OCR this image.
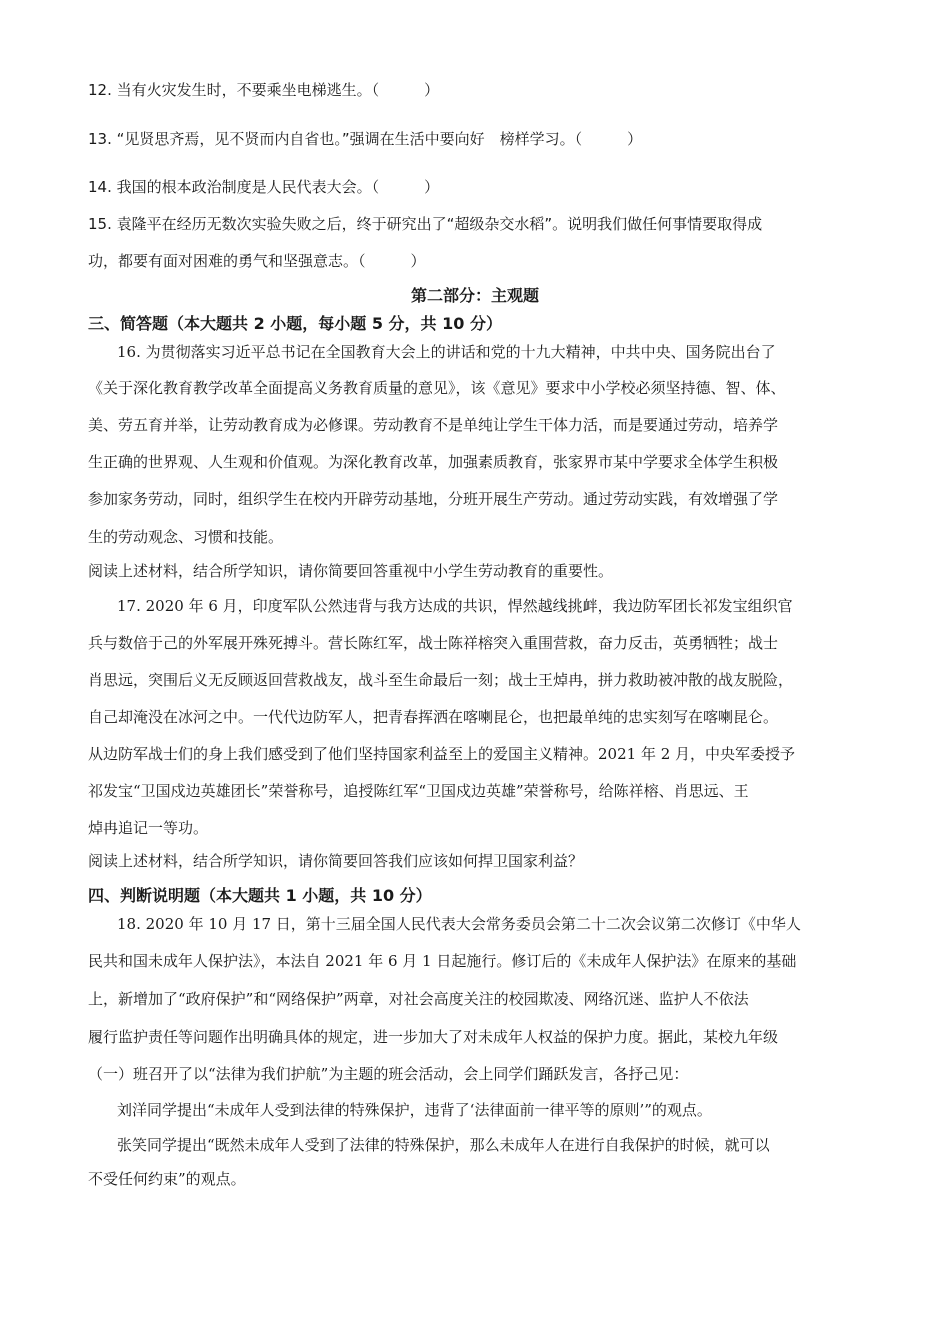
12. 当有火灾发生时，不要乘坐电梯逃生。（　　　）
13. “见贤思齐焉，见不贤而内自省也。”强调在生活中要向好　榜样学习。（　　　）
14. 我国的根本政治制度是人民代表大会。（　　　）
15. 袁隆平在经历无数次实验失败之后，终于研究出了“超级杂交水稻”。说明我们做任何事情要取得成
功，都要有面对困难的勇气和坚强意志。（　　　）
第二部分：主观题
三、简答题（本大题共 2 小题，每小题 5 分，共 10 分）
16. 为贯彻落实习近平总书记在全国教育大会上的讲话和党的十九大精神，中共中央、国务院出台了
《关于深化教育教学改革全面提高义务教育质量的意见》，该《意见》要求中小学校必须坚持德、智、体、
美、劳五育并举，让劳动教育成为必修课。劳动教育不是单纯让学生干体力活，而是要通过劳动，培养学
生正确的世界观、人生观和价值观。为深化教育改革，加强素质教育，张家界市某中学要求全体学生积极
参加家务劳动，同时，组织学生在校内开辟劳动基地，分班开展生产劳动。通过劳动实践，有效增强了学
生的劳动观念、习惯和技能。
阅读上述材料，结合所学知识，请你简要回答重视中小学生劳动教育的重要性。
17. 2020 年 6 月，印度军队公然违背与我方达成的共识，悍然越线挑衅，我边防军团长祁发宝组织官
兵与数倍于己的外军展开殊死搏斗。营长陈红军，战士陈祥榕突入重围营救，奋力反击，英勇牺牲；战士
肖思远，突围后义无反顾返回营救战友，战斗至生命最后一刻；战士王焯冉，拼力救助被冲散的战友脱险，
自己却淹没在冰河之中。一代代边防军人，把青春挥洒在喀喇昆仑，也把最单纯的忠实刻写在喀喇昆仑。
从边防军战士们的身上我们感受到了他们坚持国家利益至上的爱国主义精神。2021 年 2 月，中央军委授予
祁发宝“卫国戍边英雄团长”荣誉称号，追授陈红军“卫国戍边英雄”荣誉称号，给陈祥榕、肖思远、王
焯冉追记一等功。
阅读上述材料，结合所学知识，请你简要回答我们应该如何捍卫国家利益？
四、判断说明题（本大题共 1 小题，共 10 分）
18. 2020 年 10 月 17 日，第十三届全国人民代表大会常务委员会第二十二次会议第二次修订《中华人
民共和国未成年人保护法》，本法自 2021 年 6 月 1 日起施行。修订后的《未成年人保护法》在原来的基础
上，新增加了“政府保护”和“网络保护”两章，对社会高度关注的校园欺凌、网络沉迷、监护人不依法
履行监护责任等问题作出明确具体的规定，进一步加大了对未成年人权益的保护力度。据此，某校九年级
（一）班召开了以“法律为我们护航”为主题的班会活动，会上同学们踊跃发言，各抒己见：
刘洋同学提出“未成年人受到法律的特殊保护，违背了‘法律面前一律平等的原则’”的观点。
张笑同学提出“既然未成年人受到了法律的特殊保护，那么未成年人在进行自我保护的时候，就可以
不受任何约束”的观点。
